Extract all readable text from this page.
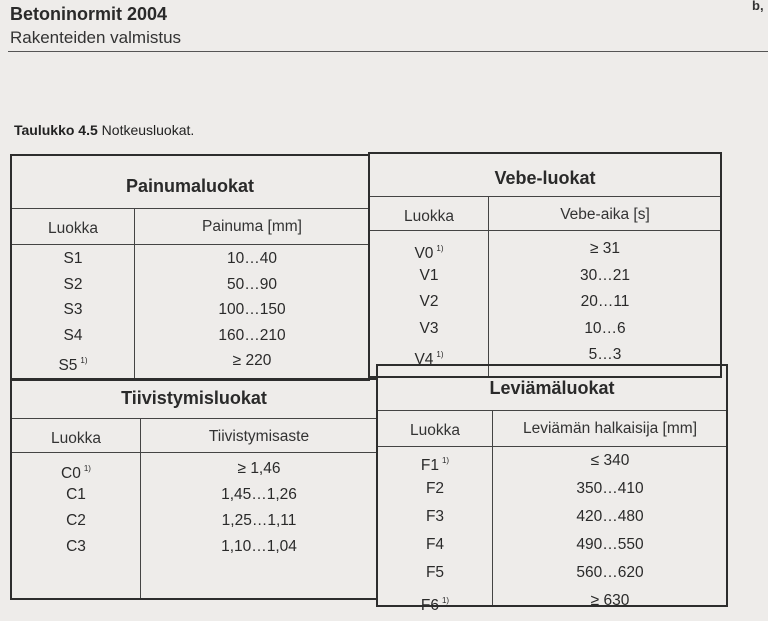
Betoninormit 2004
Rakenteiden valmistus
b,
Taulukko 4.5 Notkeusluokat.
Painumaluokat
Luokka	Painuma [mm]
S1	10…40
S2	50…90
S3	100…150
S4	160…210
S5 $^{1)}$	≥ 220
Vebe-luokat
Luokka	Vebe-aika [s]
V0 $^{1)}$	≥ 31
V1	30…21
V2	20…11
V3	10…6
V4 $^{1)}$	5…3
Tiivistymisluokat
Luokka	Tiivistymisaste
C0 $^{1)}$	≥ 1,46
C1	1,45…1,26
C2	1,25…1,11
C3	1,10…1,04
Leviämäluokat
Luokka	Leviämän halkaisija [mm]
F1 $^{1)}$	≤ 340
F2	350…410
F3	420…480
F4	490…550
F5	560…620
F6 $^{1)}$	≥ 630
